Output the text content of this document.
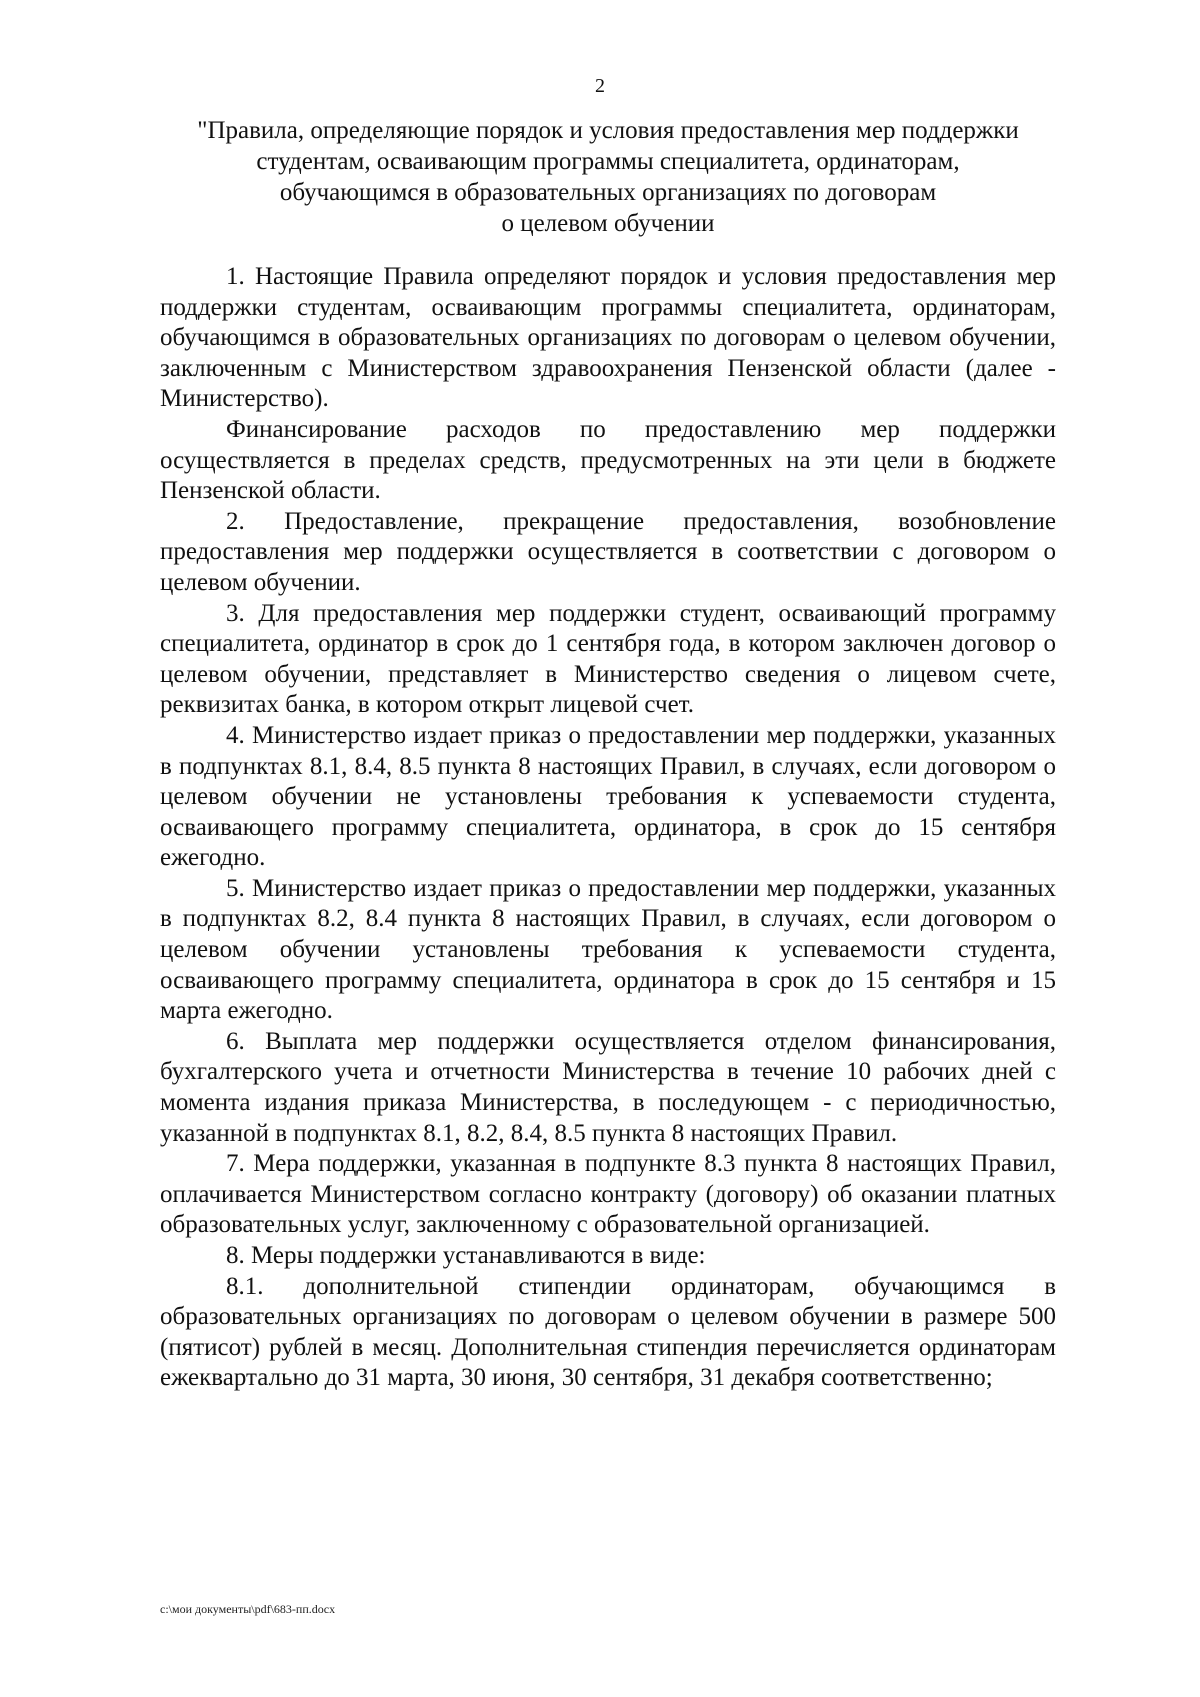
2
"Правила, определяющие порядок и условия предоставления мер поддержки
студентам, осваивающим программы специалитета, ординаторам,
обучающимся в образовательных организациях по договорам
о целевом обучении

1. Настоящие Правила определяют порядок и условия предоставления мер поддержки студентам, осваивающим программы специалитета, ординаторам, обучающимся в образовательных организациях по договорам о целевом обучении, заключенным с Министерством здравоохранения Пензенской области (далее - Министерство).

Финансирование расходов по предоставлению мер поддержки осуществляется в пределах средств, предусмотренных на эти цели в бюджете Пензенской области.

2. Предоставление, прекращение предоставления, возобновление предоставления мер поддержки осуществляется в соответствии с договором о целевом обучении.

3. Для предоставления мер поддержки студент, осваивающий программу специалитета, ординатор в срок до 1 сентября года, в котором заключен договор о целевом обучении, представляет в Министерство сведения о лицевом счете, реквизитах банка, в котором открыт лицевой счет.

4. Министерство издает приказ о предоставлении мер поддержки, указанных в подпунктах 8.1, 8.4, 8.5 пункта 8 настоящих Правил, в случаях, если договором о целевом обучении не установлены требования к успеваемости студента, осваивающего программу специалитета, ординатора, в срок до 15 сентября ежегодно.

5. Министерство издает приказ о предоставлении мер поддержки, указанных в подпунктах 8.2, 8.4 пункта 8 настоящих Правил, в случаях, если договором о целевом обучении установлены требования к успеваемости студента, осваивающего программу специалитета, ординатора в срок до 15 сентября и 15 марта ежегодно.

6. Выплата мер поддержки осуществляется отделом финансирования, бухгалтерского учета и отчетности Министерства в течение 10 рабочих дней с момента издания приказа Министерства, в последующем - с периодичностью, указанной в подпунктах 8.1, 8.2, 8.4, 8.5 пункта 8 настоящих Правил.

7. Мера поддержки, указанная в подпункте 8.3 пункта 8 настоящих Правил, оплачивается Министерством согласно контракту (договору) об оказании платных образовательных услуг, заключенному с образовательной организацией.

8. Меры поддержки устанавливаются в виде:

8.1. дополнительной стипендии ординаторам, обучающимся в образовательных организациях по договорам о целевом обучении в размере 500 (пятисот) рублей в месяц. Дополнительная стипендия перечисляется ординаторам ежеквартально до 31 марта, 30 июня, 30 сентября, 31 декабря соответственно;

c:\мои документы\pdf\683-пп.docx
